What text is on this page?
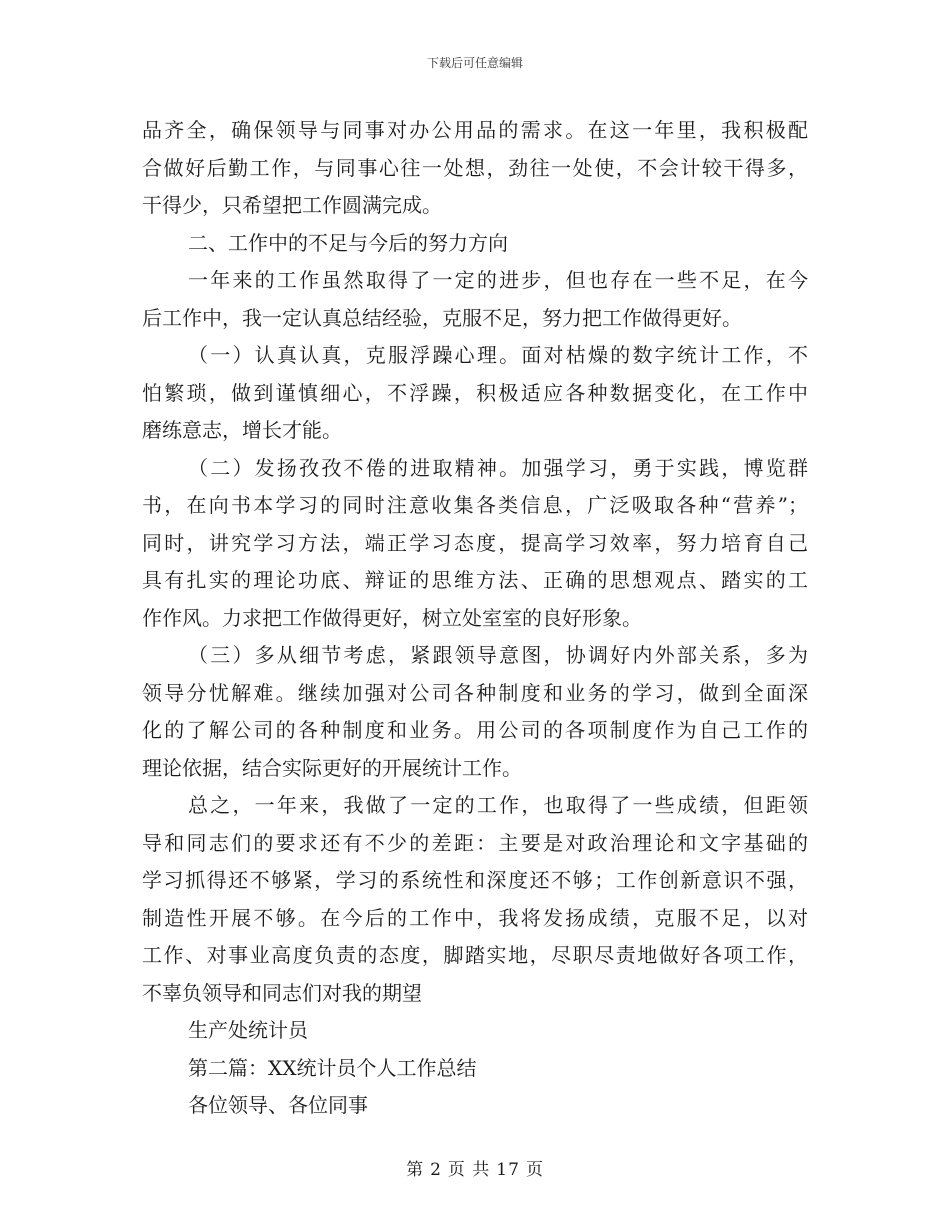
下载后可任意编辑
品齐全，确保领导与同事对办公用品的需求。在这一年里，我积极配
合做好后勤工作，与同事心往一处想，劲往一处使，不会计较干得多，
干得少，只希望把工作圆满完成。
二、工作中的不足与今后的努力方向
一年来的工作虽然取得了一定的进步，但也存在一些不足，在今
后工作中，我一定认真总结经验，克服不足，努力把工作做得更好。
（一）认真认真，克服浮躁心理。面对枯燥的数字统计工作，不
怕繁琐，做到谨慎细心，不浮躁，积极适应各种数据变化，在工作中
磨练意志，增长才能。
（二）发扬孜孜不倦的进取精神。加强学习，勇于实践，博览群
书，在向书本学习的同时注意收集各类信息，广泛吸取各种“营养”；
同时，讲究学习方法，端正学习态度，提高学习效率，努力培育自己
具有扎实的理论功底、辩证的思维方法、正确的思想观点、踏实的工
作作风。力求把工作做得更好，树立处室室的良好形象。
（三）多从细节考虑，紧跟领导意图，协调好内外部关系，多为
领导分忧解难。继续加强对公司各种制度和业务的学习，做到全面深
化的了解公司的各种制度和业务。用公司的各项制度作为自己工作的
理论依据，结合实际更好的开展统计工作。
总之，一年来，我做了一定的工作，也取得了一些成绩，但距领
导和同志们的要求还有不少的差距：主要是对政治理论和文字基础的
学习抓得还不够紧，学习的系统性和深度还不够；工作创新意识不强，
制造性开展不够。在今后的工作中，我将发扬成绩，克服不足，以对
工作、对事业高度负责的态度，脚踏实地，尽职尽责地做好各项工作，
不辜负领导和同志们对我的期望
生产处统计员
第二篇：XX统计员个人工作总结
各位领导、各位同事
第 2 页 共 17 页
